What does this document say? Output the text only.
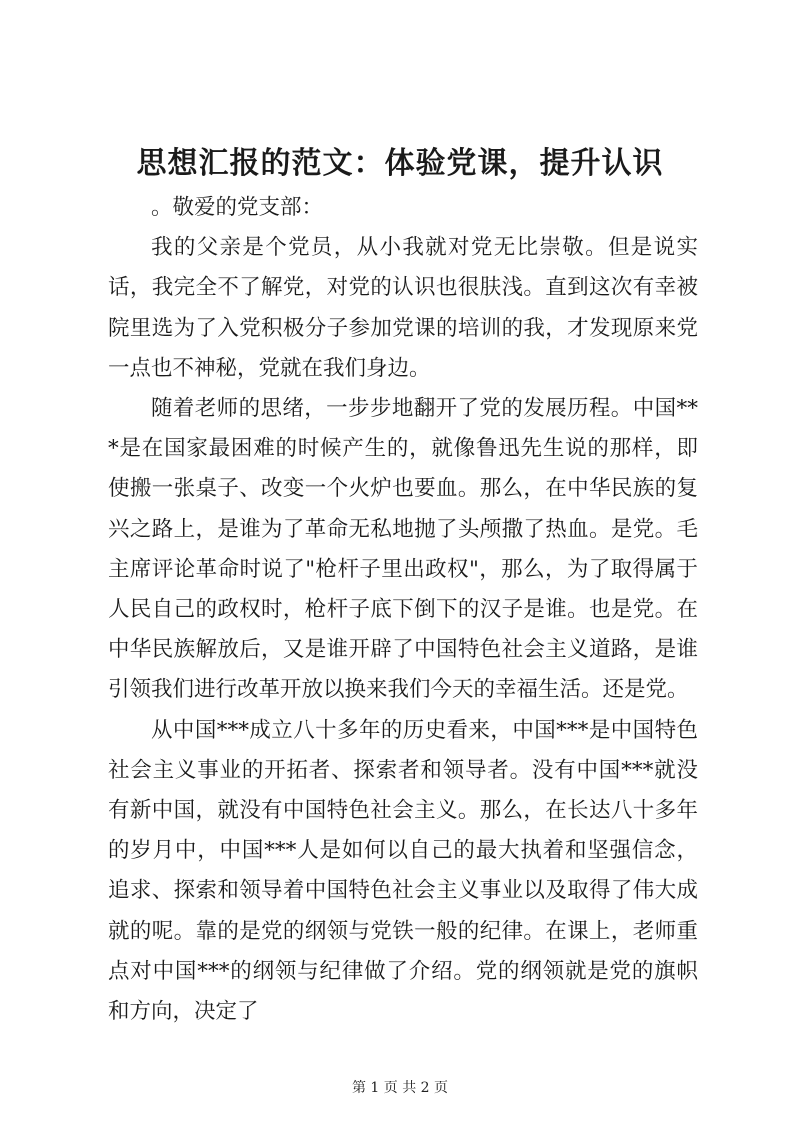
思想汇报的范文：体验党课，提升认识

。敬爱的党支部：

我的父亲是个党员，从小我就对党无比崇敬。但是说实话，我完全不了解党，对党的认识也很肤浅。直到这次有幸被院里选为了入党积极分子参加党课的培训的我，才发现原来党一点也不神秘，党就在我们身边。

随着老师的思绪，一步步地翻开了党的发展历程。中国***是在国家最困难的时候产生的，就像鲁迅先生说的那样，即使搬一张桌子、改变一个火炉也要血。那么，在中华民族的复兴之路上，是谁为了革命无私地抛了头颅撒了热血。是党。毛主席评论革命时说了"枪杆子里出政权"，那么，为了取得属于人民自己的政权时，枪杆子底下倒下的汉子是谁。也是党。在中华民族解放后，又是谁开辟了中国特色社会主义道路，是谁引领我们进行改革开放以换来我们今天的幸福生活。还是党。

从中国***成立八十多年的历史看来，中国***是中国特色社会主义事业的开拓者、探索者和领导者。没有中国***就没有新中国，就没有中国特色社会主义。那么，在长达八十多年的岁月中，中国***人是如何以自己的最大执着和坚强信念，追求、探索和领导着中国特色社会主义事业以及取得了伟大成就的呢。靠的是党的纲领与党铁一般的纪律。在课上，老师重点对中国***的纲领与纪律做了介绍。党的纲领就是党的旗帜和方向，决定了

第 1 页 共 2 页
